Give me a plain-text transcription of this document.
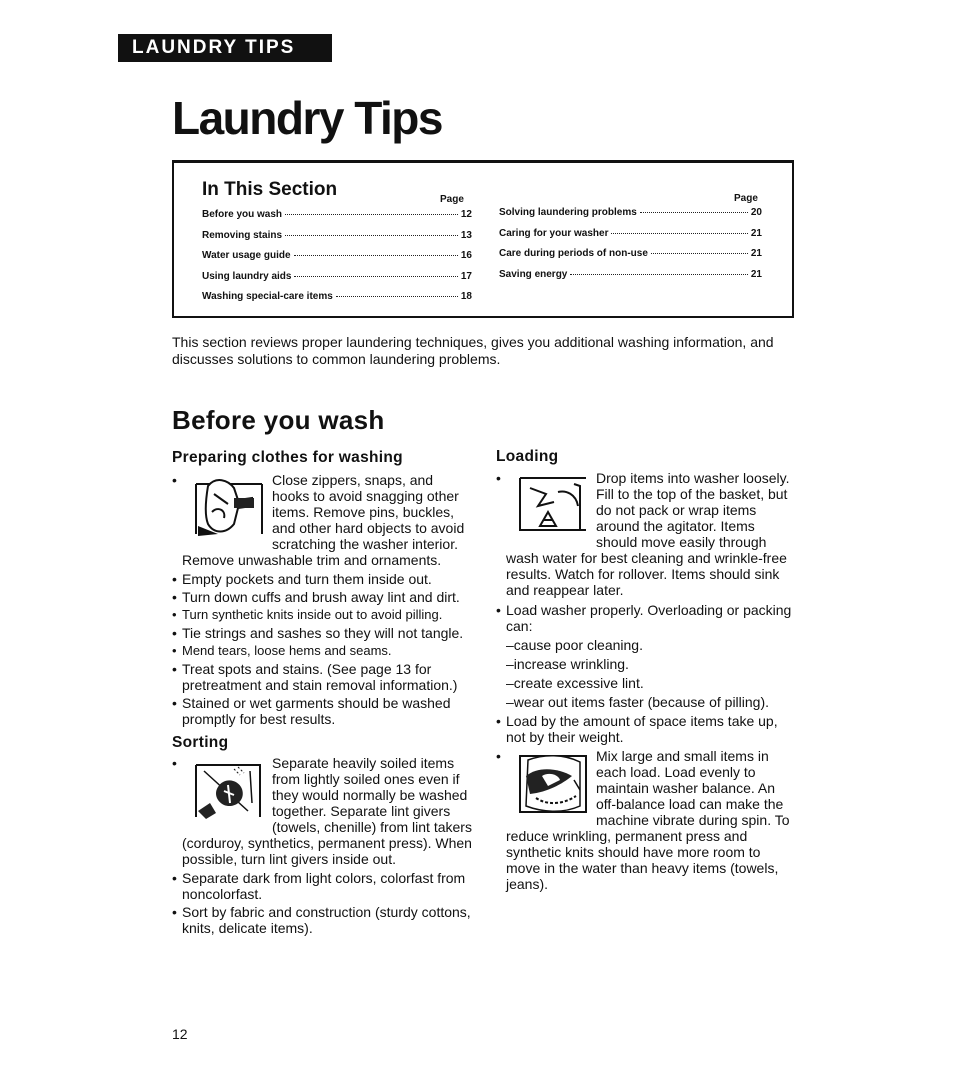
LAUNDRY TIPS
Laundry Tips
In This Section	Page	Page
Before you wash	12
Removing stains	13
Water usage guide	16
Using laundry aids	17
Washing special-care items	18
Solving laundering problems	20
Caring for your washer	21
Care during periods of non-use	21
Saving energy	21

This section reviews proper laundering techniques, gives you additional washing information, and discusses solutions to common laundering problems.

Before you wash
Preparing clothes for washing
• Close zippers, snaps, and hooks to avoid snagging other items. Remove pins, buckles, and other hard objects to avoid scratching the washer interior. Remove unwashable trim and ornaments.
• Empty pockets and turn them inside out.
• Turn down cuffs and brush away lint and dirt.
• Turn synthetic knits inside out to avoid pilling.
• Tie strings and sashes so they will not tangle.
• Mend tears, loose hems and seams.
• Treat spots and stains. (See page 13 for pretreatment and stain removal information.)
• Stained or wet garments should be washed promptly for best results.
Sorting
• Separate heavily soiled items from lightly soiled ones even if they would normally be washed together. Separate lint givers (towels, chenille) from lint takers (corduroy, synthetics, permanent press). When possible, turn lint givers inside out.
• Separate dark from light colors, colorfast from noncolorfast.
• Sort by fabric and construction (sturdy cottons, knits, delicate items).
Loading
• Drop items into washer loosely. Fill to the top of the basket, but do not pack or wrap items around the agitator. Items should move easily through wash water for best cleaning and wrinkle-free results. Watch for rollover. Items should sink and reappear later.
• Load washer properly. Overloading or packing can:
–cause poor cleaning.
–increase wrinkling.
–create excessive lint.
–wear out items faster (because of pilling).
• Load by the amount of space items take up, not by their weight.
• Mix large and small items in each load. Load evenly to maintain washer balance. An off-balance load can make the machine vibrate during spin. To reduce wrinkling, permanent press and synthetic knits should have more room to move in the water than heavy items (towels, jeans).
12
